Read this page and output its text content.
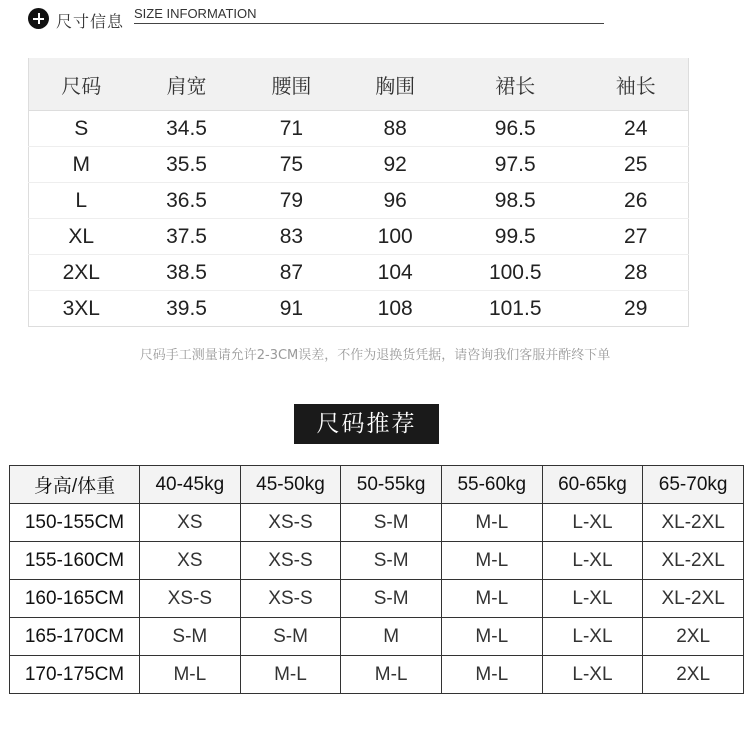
尺寸信息 SIZE INFORMATION
尺码	肩宽	腰围	胸围	裙长	袖长
S	34.5	71	88	96.5	24
M	35.5	75	92	97.5	25
L	36.5	79	96	98.5	26
XL	37.5	83	100	99.5	27
2XL	38.5	87	104	100.5	28
3XL	39.5	91	108	101.5	29
尺码手工测量请允许2-3CM误差，不作为退换货凭据，请咨询我们客服并酢终下单
尺码推荐
身高/体重	40-45kg	45-50kg	50-55kg	55-60kg	60-65kg	65-70kg
150-155CM	XS	XS-S	S-M	M-L	L-XL	XL-2XL
155-160CM	XS	XS-S	S-M	M-L	L-XL	XL-2XL
160-165CM	XS-S	XS-S	S-M	M-L	L-XL	XL-2XL
165-170CM	S-M	S-M	M	M-L	L-XL	2XL
170-175CM	M-L	M-L	M-L	M-L	L-XL	2XL
